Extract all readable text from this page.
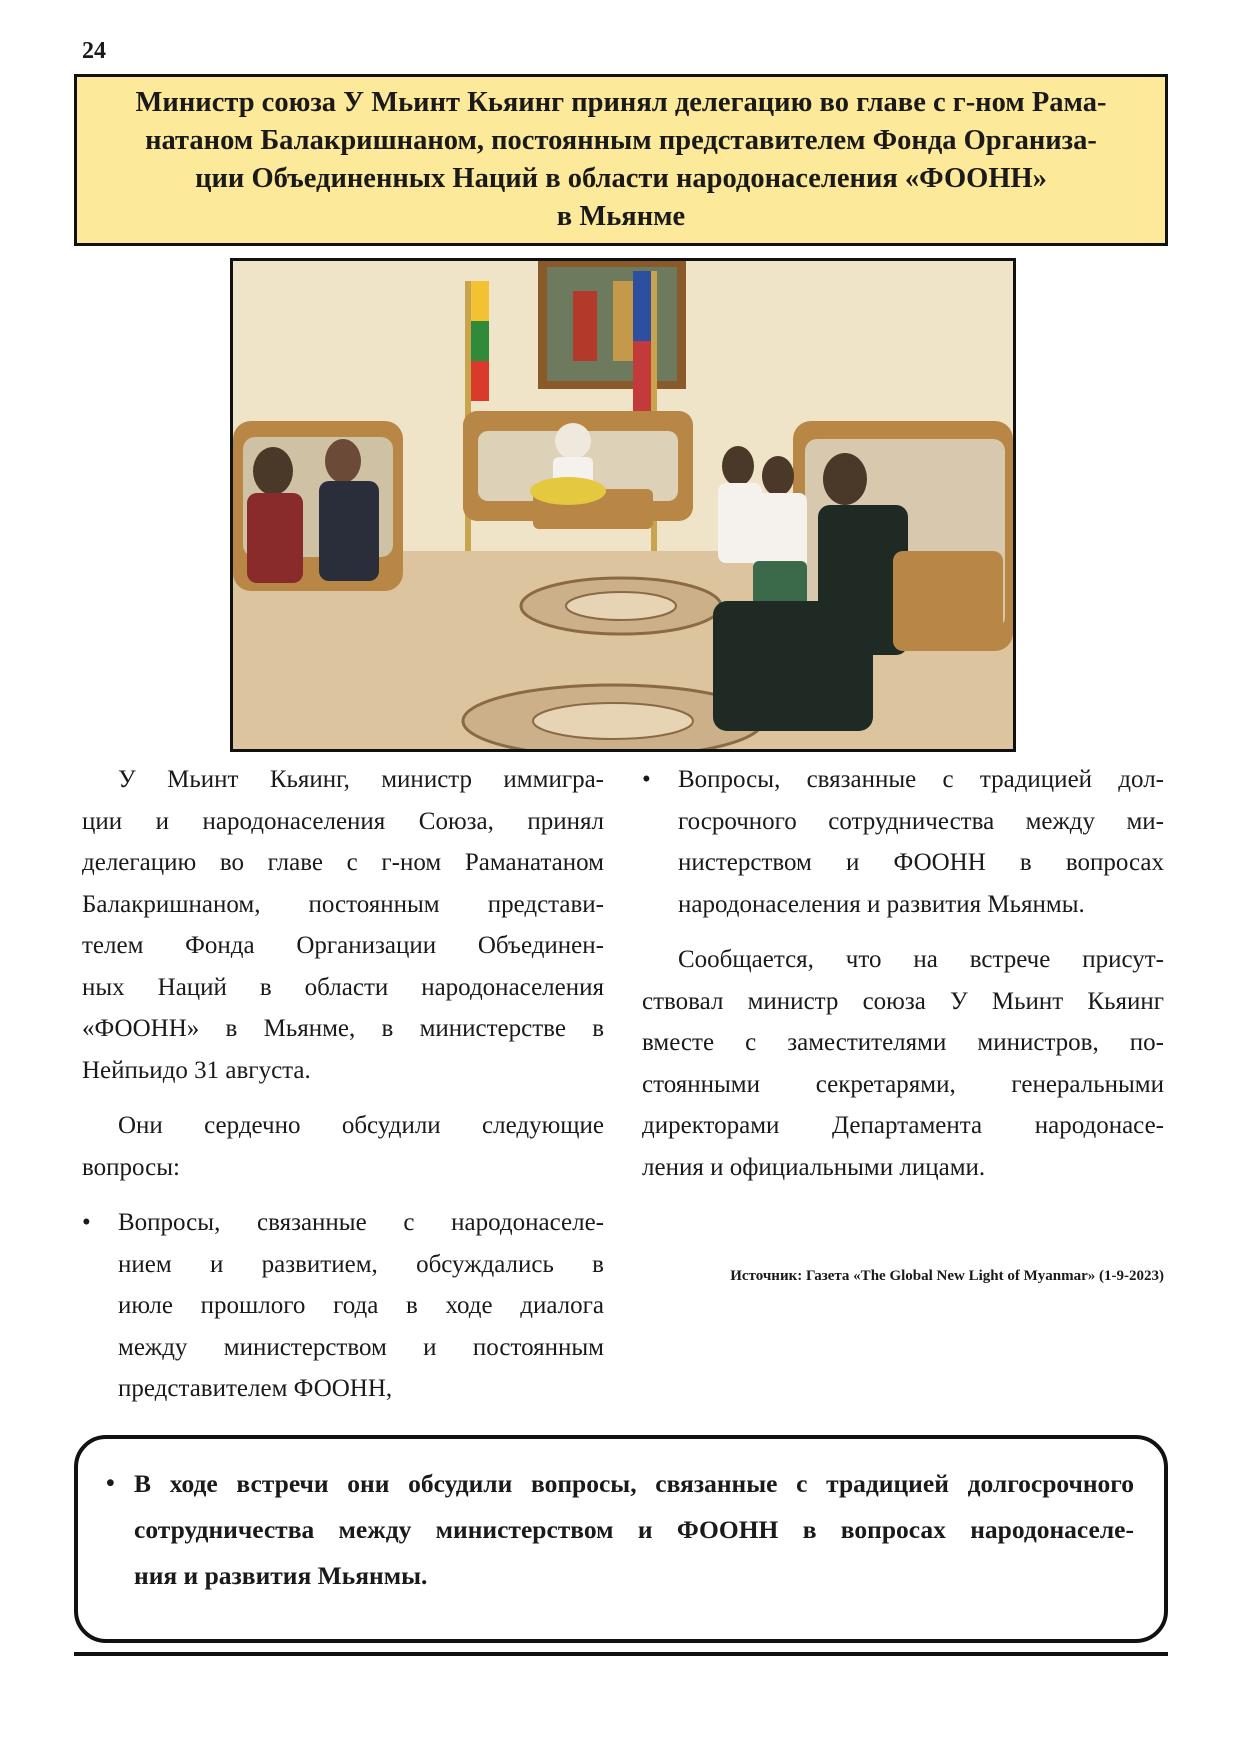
24
Министр союза У Мьинт Кьяинг принял делегацию во главе с г-ном Рама-
натаном Балакришнаном, постоянным представителем Фонда Организа-
ции Объединенных Наций в области народонаселения «ФООНН»
в Мьянме
У Мьинт Кьяинг, министр иммигра-
ции и народонаселения Союза, принял
делегацию во главе с г-ном Раманатаном
Балакришнаном, постоянным представи-
телем Фонда Организации Объединен-
ных Наций в области народонаселения
«ФООНН» в Мьянме, в министерстве в
Нейпьидо 31 августа.
Они сердечно обсудили следующие
вопросы:
• Вопросы, связанные с народонаселе-
нием и развитием, обсуждались в
июле прошлого года в ходе диалога
между министерством и постоянным
представителем ФООНН,
• Вопросы, связанные с традицией дол-
госрочного сотрудничества между ми-
нистерством и ФООНН в вопросах
народонаселения и развития Мьянмы.
Сообщается, что на встрече присут-
ствовал министр союза У Мьинт Кьяинг
вместе с заместителями министров, по-
стоянными секретарями, генеральными
директорами Департамента народонасе-
ления и официальными лицами.
Источник: Газета «The Global New Light of Myanmar» (1-9-2023)
• В ходе встречи они обсудили вопросы, связанные с традицией долгосрочного
сотрудничества между министерством и ФООНН в вопросах народонаселе-
ния и развития Мьянмы.
